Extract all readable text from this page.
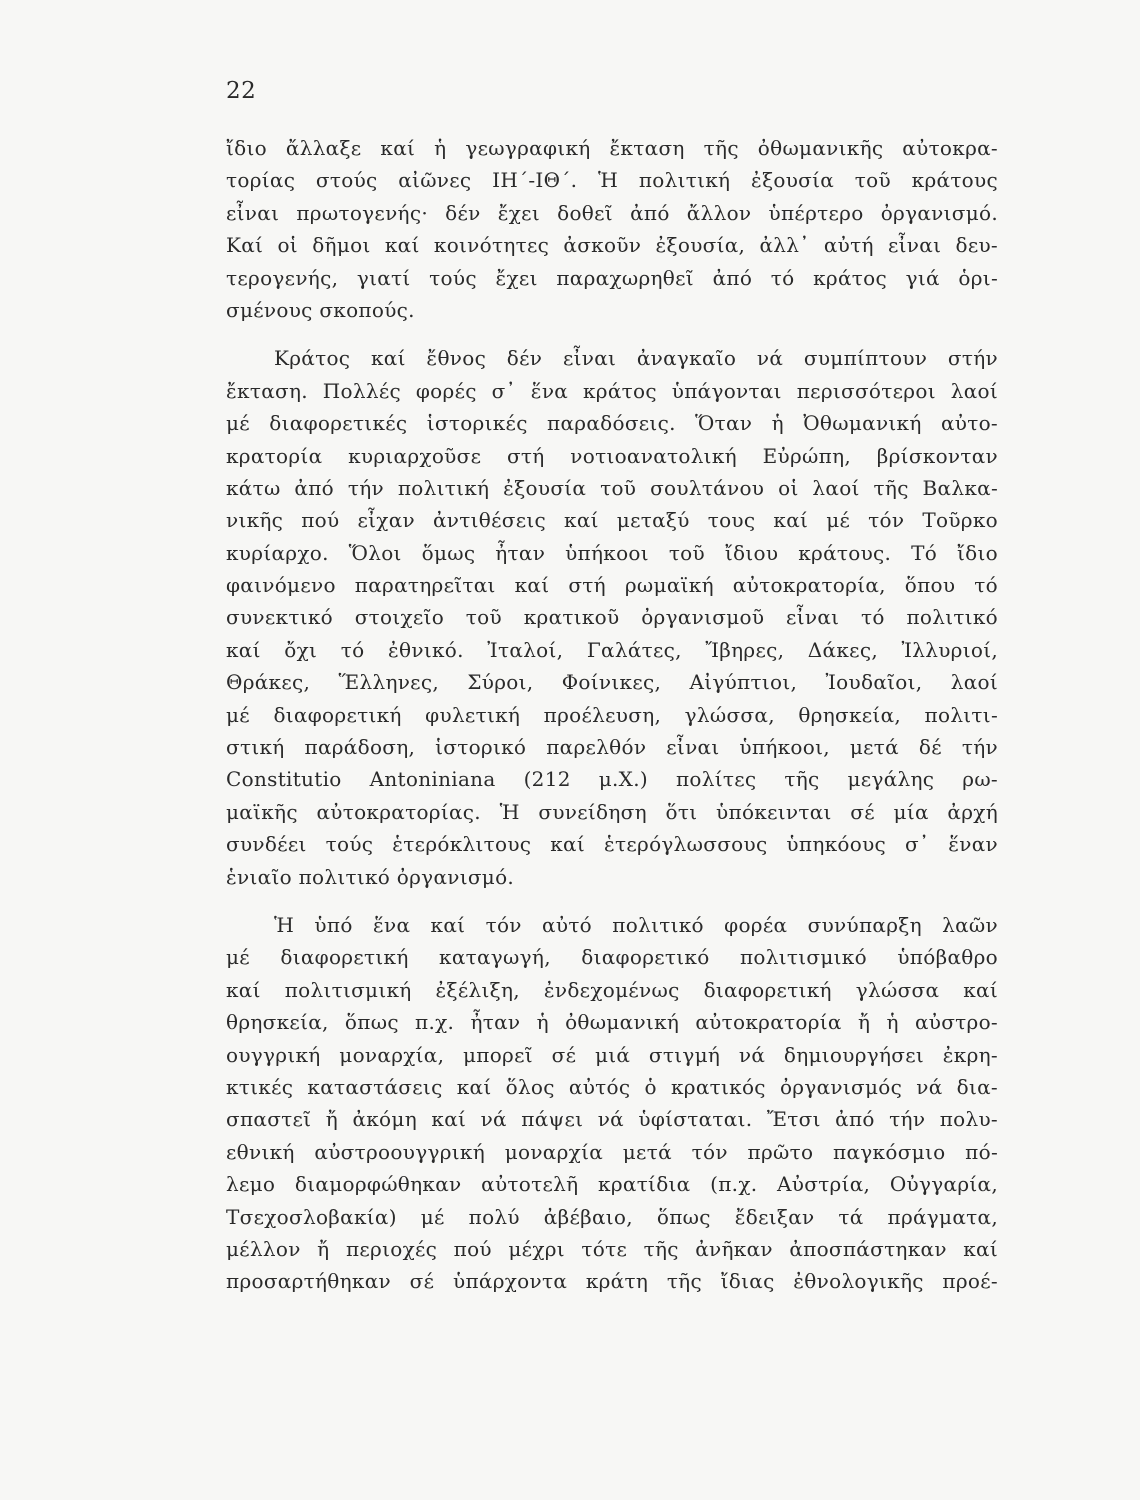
22
ἴδιο ἄλλαξε καί ἡ γεωγραφική ἔκταση τῆς ὀθωμανικῆς αὐτοκρα-
τορίας στούς αἰῶνες ΙΗ΄-ΙΘ΄. Ἡ πολιτική ἐξουσία τοῦ κράτους
εἶναι πρωτογενής· δέν ἔχει δοθεῖ ἀπό ἄλλον ὑπέρτερο ὀργανισμό.
Καί οἱ δῆμοι καί κοινότητες ἀσκοῦν ἐξουσία, ἀλλ᾽ αὐτή εἶναι δευ-
τερογενής, γιατί τούς ἔχει παραχωρηθεῖ ἀπό τό κράτος γιά ὁρι-
σμένους σκοπούς.
Κράτος καί ἔθνος δέν εἶναι ἀναγκαῖο νά συμπίπτουν στήν
ἔκταση. Πολλές φορές σ᾽ ἕνα κράτος ὑπάγονται περισσότεροι λαοί
μέ διαφορετικές ἱστορικές παραδόσεις. Ὅταν ἡ Ὀθωμανική αὐτο-
κρατορία κυριαρχοῦσε στή νοτιοανατολική Εὐρώπη, βρίσκονταν
κάτω ἀπό τήν πολιτική ἐξουσία τοῦ σουλτάνου οἱ λαοί τῆς Βαλκα-
νικῆς πού εἶχαν ἀντιθέσεις καί μεταξύ τους καί μέ τόν Τοῦρκο
κυρίαρχο. Ὅλοι ὅμως ἦταν ὑπήκοοι τοῦ ἴδιου κράτους. Τό ἴδιο
φαινόμενο παρατηρεῖται καί στή ρωμαϊκή αὐτοκρατορία, ὅπου τό
συνεκτικό στοιχεῖο τοῦ κρατικοῦ ὀργανισμοῦ εἶναι τό πολιτικό
καί ὄχι τό ἐθνικό. Ἰταλοί, Γαλάτες, Ἴβηρες, Δάκες, Ἰλλυριοί,
Θράκες, Ἕλληνες, Σύροι, Φοίνικες, Αἰγύπτιοι, Ἰουδαῖοι, λαοί
μέ διαφορετική φυλετική προέλευση, γλώσσα, θρησκεία, πολιτι-
στική παράδοση, ἱστορικό παρελθόν εἶναι ὑπήκοοι, μετά δέ τήν
Constitutio Antoniniana (212 μ.Χ.) πολίτες τῆς μεγάλης ρω-
μαϊκῆς αὐτοκρατορίας. Ἡ συνείδηση ὅτι ὑπόκεινται σέ μία ἀρχή
συνδέει τούς ἑτερόκλιτους καί ἑτερόγλωσσους ὑπηκόους σ᾽ ἕναν
ἑνιαῖο πολιτικό ὀργανισμό.
Ἡ ὑπό ἕνα καί τόν αὐτό πολιτικό φορέα συνύπαρξη λαῶν
μέ διαφορετική καταγωγή, διαφορετικό πολιτισμικό ὑπόβαθρο
καί πολιτισμική ἐξέλιξη, ἐνδεχομένως διαφορετική γλώσσα καί
θρησκεία, ὅπως π.χ. ἦταν ἡ ὀθωμανική αὐτοκρατορία ἤ ἡ αὐστρο-
ουγγρική μοναρχία, μπορεῖ σέ μιά στιγμή νά δημιουργήσει ἐκρη-
κτικές καταστάσεις καί ὅλος αὐτός ὁ κρατικός ὀργανισμός νά δια-
σπαστεῖ ἤ ἀκόμη καί νά πάψει νά ὑφίσταται. Ἔτσι ἀπό τήν πολυ-
εθνική αὐστροουγγρική μοναρχία μετά τόν πρῶτο παγκόσμιο πό-
λεμο διαμορφώθηκαν αὐτοτελῆ κρατίδια (π.χ. Αὐστρία, Οὐγγαρία,
Τσεχοσλοβακία) μέ πολύ ἀβέβαιο, ὅπως ἔδειξαν τά πράγματα,
μέλλον ἤ περιοχές πού μέχρι τότε τῆς ἀνῆκαν ἀποσπάστηκαν καί
προσαρτήθηκαν σέ ὑπάρχοντα κράτη τῆς ἴδιας ἐθνολογικῆς προέ-
